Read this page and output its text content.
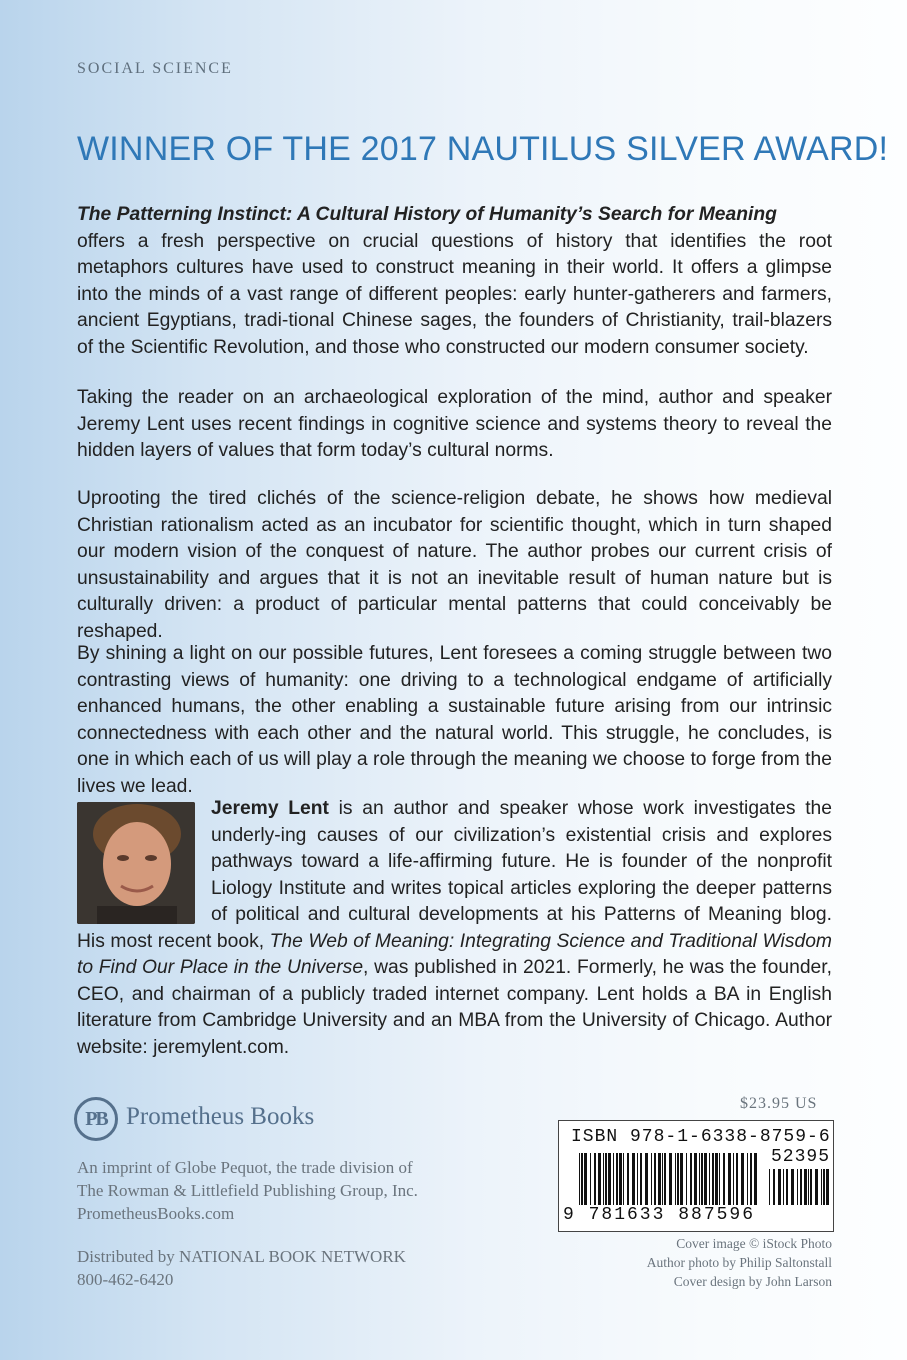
SOCIAL SCIENCE
WINNER OF THE 2017 NAUTILUS SILVER AWARD!

The Patterning Instinct: A Cultural History of Humanity’s Search for Meaning
offers a fresh perspective on crucial questions of history that identifies the root metaphors cultures have used to construct meaning in their world. It offers a glimpse into the minds of a vast range of different peoples: early hunter-gatherers and farmers, ancient Egyptians, tradi-tional Chinese sages, the founders of Christianity, trail-blazers of the Scientific Revolution, and those who constructed our modern consumer society.

Taking the reader on an archaeological exploration of the mind, author and speaker Jeremy Lent uses recent findings in cognitive science and systems theory to reveal the hidden layers of values that form today’s cultural norms.

Uprooting the tired clichés of the science-religion debate, he shows how medieval Christian rationalism acted as an incubator for scientific thought, which in turn shaped our modern vision of the conquest of nature. The author probes our current crisis of unsustainability and argues that it is not an inevitable result of human nature but is culturally driven: a product of particular mental patterns that could conceivably be reshaped.

By shining a light on our possible futures, Lent foresees a coming struggle between two contrasting views of humanity: one driving to a technological endgame of artificially enhanced humans, the other enabling a sustainable future arising from our intrinsic connectedness with each other and the natural world. This struggle, he concludes, is one in which each of us will play a role through the meaning we choose to forge from the lives we lead.

Jeremy Lent is an author and speaker whose work investigates the underly-ing causes of our civilization’s existential crisis and explores pathways toward a life-affirming future. He is founder of the nonprofit Liology Institute and writes topical articles exploring the deeper patterns of political and cultural developments at his Patterns of Meaning blog. His most recent book, The Web of Meaning: Integrating Science and Traditional Wisdom to Find Our Place in the Universe, was published in 2021. Formerly, he was the founder, CEO, and chairman of a publicly traded internet company. Lent holds a BA in English literature from Cambridge University and an MBA from the University of Chicago. Author website: jeremylent.com.
PB Prometheus Books

An imprint of Globe Pequot, the trade division of
The Rowman & Littlefield Publishing Group, Inc.
PrometheusBooks.com

Distributed by NATIONAL BOOK NETWORK
800-462-6420

$23.95 US
ISBN 978-1-6338-8759-6
52395
9 781633 887596

Cover image © iStock Photo
Author photo by Philip Saltonstall
Cover design by John Larson
